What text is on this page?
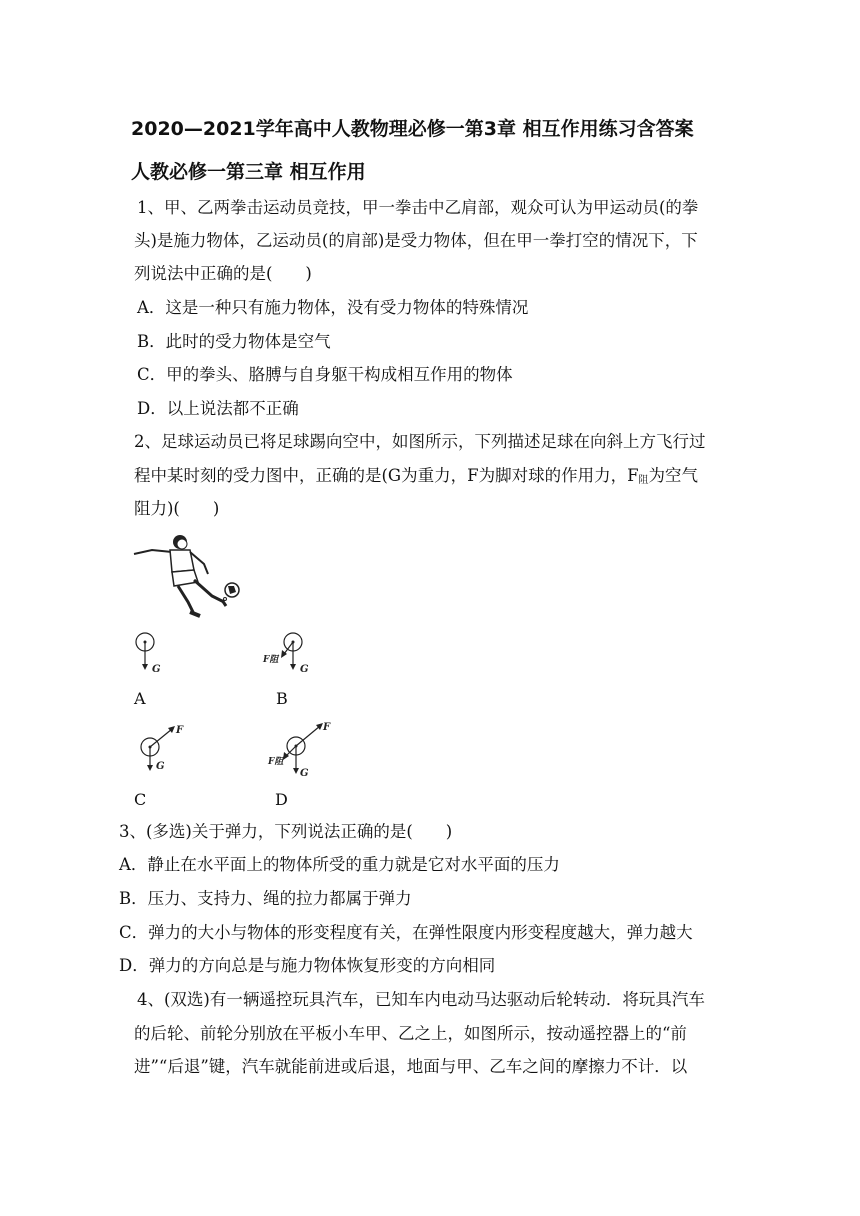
2020—2021学年高中人教物理必修一第3章 相互作用练习含答案
人教必修一第三章 相互作用
1、甲、乙两拳击运动员竞技，甲一拳击中乙肩部，观众可认为甲运动员(的拳
头)是施力物体，乙运动员(的肩部)是受力物体，但在甲一拳打空的情况下，下
列说法中正确的是(　　)
A．这是一种只有施力物体，没有受力物体的特殊情况
B．此时的受力物体是空气
C．甲的拳头、胳膊与自身躯干构成相互作用的物体
D．以上说法都不正确
2、足球运动员已将足球踢向空中，如图所示，下列描述足球在向斜上方飞行过
程中某时刻的受力图中，正确的是(G为重力，F为脚对球的作用力，$F_阻$为空气
阻力)(　　)
G	G
F阻
A	B
G
F
G
F
F阻
C	D
3、(多选)关于弹力，下列说法正确的是(　　)
A．静止在水平面上的物体所受的重力就是它对水平面的压力
B．压力、支持力、绳的拉力都属于弹力
C．弹力的大小与物体的形变程度有关，在弹性限度内形变程度越大，弹力越大
D．弹力的方向总是与施力物体恢复形变的方向相同
4、(双选)有一辆遥控玩具汽车，已知车内电动马达驱动后轮转动．将玩具汽车
的后轮、前轮分别放在平板小车甲、乙之上，如图所示，按动遥控器上的“前
进”“后退”键，汽车就能前进或后退，地面与甲、乙车之间的摩擦力不计．以
